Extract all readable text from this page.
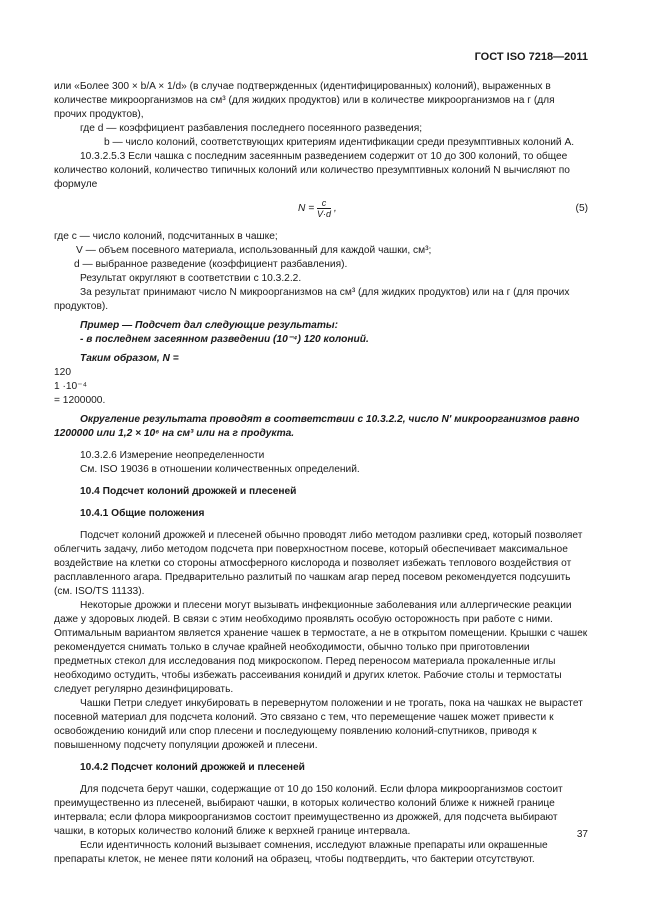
ГОСТ ISO 7218—2011

или «Более 300 × b/A × 1/d» (в случае подтвержденных (идентифицированных) колоний), выраженных в количестве микроорганизмов на см³ (для жидких продуктов) или в количестве микроорганизмов на г (для прочих продуктов),

где d — коэффициент разбавления последнего посеянного разведения;

b — число колоний, соответствующих критериям идентификации среди презумптивных колоний А.

10.3.2.5.3 Если чашка с последним засеянным разведением содержит от 10 до 300 колоний, то общее количество колоний, количество типичных колоний или количество презумптивных колоний N вычисляют по формуле

$N = \frac{c}{V\cdot d}$ ,	(5)

где c — число колоний, подсчитанных в чашке;

V — объем посевного материала, использованный для каждой чашки, см³;

d — выбранное разведение (коэффициент разбавления).

Результат округляют в соответствии с 10.3.2.2.

За результат принимают число N микроорганизмов на см³ (для жидких продуктов) или на г (для прочих продуктов).

Пример — Подсчет дал следующие результаты:

- в последнем засеянном разведении (10⁻⁴) 120 колоний.

Таким образом, N =

120
1 ·10⁻⁴
= 1200000.

Округление результата проводят в соответствии с 10.3.2.2, число N' микроорганизмов равно 1200000 или 1,2 × 10⁶ на см³ или на г продукта.

10.3.2.6 Измерение неопределенности

См. ISO 19036 в отношении количественных определений.

10.4 Подсчет колоний дрожжей и плесеней

10.4.1 Общие положения

Подсчет колоний дрожжей и плесеней обычно проводят либо методом разливки сред, который позволяет облегчить задачу, либо методом подсчета при поверхностном посеве, который обеспечивает максимальное воздействие на клетки со стороны атмосферного кислорода и позволяет избежать теплового воздействия от расплавленного агара. Предварительно разлитый по чашкам агар перед посевом рекомендуется подсушить (см. ISO/TS 11133).

Некоторые дрожжи и плесени могут вызывать инфекционные заболевания или аллергические реакции даже у здоровых людей. В связи с этим необходимо проявлять особую осторожность при работе с ними. Оптимальным вариантом является хранение чашек в термостате, а не в открытом помещении. Крышки с чашек рекомендуется снимать только в случае крайней необходимости, обычно только при приготовлении предметных стекол для исследования под микроскопом. Перед переносом материала прокаленные иглы необходимо остудить, чтобы избежать рассеивания конидий и других клеток. Рабочие столы и термостаты следует регулярно дезинфицировать.

Чашки Петри следует инкубировать в перевернутом положении и не трогать, пока на чашках не вырастет посевной материал для подсчета колоний. Это связано с тем, что перемещение чашек может привести к освобождению конидий или спор плесени и последующему появлению колоний-спутников, приводя к повышенному подсчету популяции дрожжей и плесени.

10.4.2 Подсчет колоний дрожжей и плесеней

Для подсчета берут чашки, содержащие от 10 до 150 колоний. Если флора микроорганизмов состоит преимущественно из плесеней, выбирают чашки, в которых количество колоний ближе к нижней границе интервала; если флора микроорганизмов состоит преимущественно из дрожжей, для подсчета выбирают чашки, в которых количество колоний ближе к верхней границе интервала.

Если идентичность колоний вызывает сомнения, исследуют влажные препараты или окрашенные препараты клеток, не менее пяти колоний на образец, чтобы подтвердить, что бактерии отсутствуют.

37
